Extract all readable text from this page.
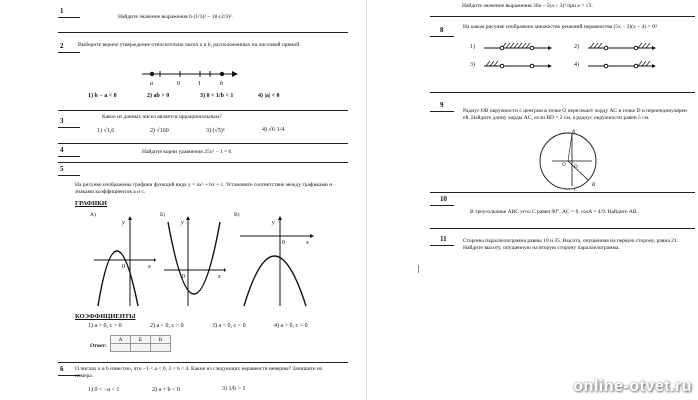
1
Найдите значение выражения 6·(1/3)² − 18·(2/3)².
2	Выберите верное утверждение относительно чисел a и b, расположенных на числовой прямой.
a	0	1	b
1) b − a < 0	2) ab > 0	3) 0 < 1/b < 1	4) |a| < 0
3	Какое из данных чисел является иррациональным?
1) √1,6	2) √160	3) (√5)⁶	4) √6·1/4
4	Найдите корни уравнения 25x² − 1 = 0.
5
На рисунке изображены графики функций вида y = ax² + bx + c. Установите соответствие между графиками и знаками коэффициентов a и c.
ГРАФИКИ
А)	Б)	В)
0	x
y
0	x
y
0	x
y
КОЭФФИЦИЕНТЫ
1) a > 0, c > 0	2) a < 0, c > 0	3) a < 0, c < 0	4) a > 0, c < 0
Ответ:
А	Б	В

6 О числах a и b известно, что −1 < a < 0, 3 < b < 4. Какие из следующих неравенств неверны? Запишите их номера.
1) 0 < −a < 1	2) a + b < 0	3) 1/b > 1
Найдите значение выражения 30a − 5(a + 3)² при a = √3.
8	На каком рисунке изображено множество решений неравенства (5x − 2)(x − 4) > 0?
1)	2)
3)	4)
9
Радиус OB окружности с центром в точке O пересекает хорду AC в точке D и перпендикулярен ей. Найдите длину хорды AC, если BD = 2 см, а радиус окружности равен 5 см.
A
B
C
D
O
10
В треугольнике ABC угол C равен 90°, AC = 8, cosA = 4/9. Найдите AB.
11	Стороны параллелограмма равны 10 и 35. Высота, опущенная на первую сторону, равна 21. Найдите высоту, опущенную на вторую сторону параллелограмма.
online-otvet.ru
